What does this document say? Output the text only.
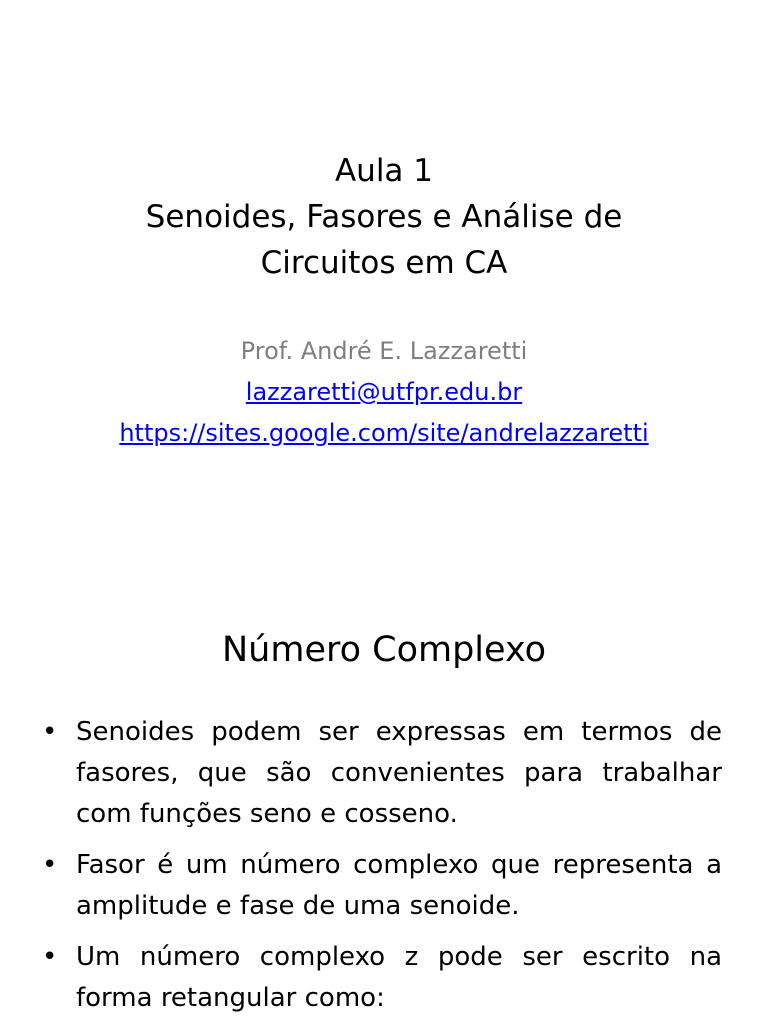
Aula 1
Senoides, Fasores e Análise de
Circuitos em CA
Prof. André E. Lazzaretti
lazzaretti@utfpr.edu.br
https://sites.google.com/site/andrelazzaretti
Número Complexo
• Senoides podem ser expressas em termos de fasores, que são convenientes para trabalhar com funções seno e cosseno.
• Fasor é um número complexo que representa a amplitude e fase de uma senoide.
• Um número complexo z pode ser escrito na forma retangular como:
